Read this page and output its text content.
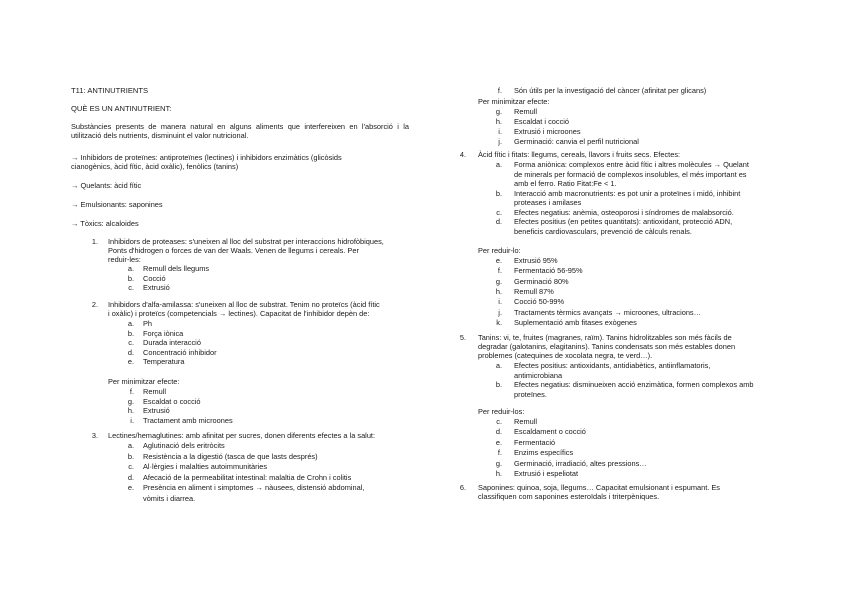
T11: ANTINUTRIENTS
QUÈ ES UN ANTINUTRIENT:
Substàncies presents de manera natural en alguns aliments que interfereixen en l'absorció i la utilització dels nutrients, disminuint el valor nutricional.
→ Inhibidors de proteïnes: antiproteïnes (lectines) i inhibidors enzimàtics (glicòsids
cianogènics, àcid fític, àcid oxàlic), fenòlics (tanins)
→ Quelants: àcid fític
→ Emulsionants: saponines
→ Tòxics: alcaloides
1. Inhibidors de proteases: s'uneixen al lloc del substrat per interaccions hidrofòbiques,
Ponts d'hidrogen o forces de van der Waals. Venen de llegums i cereals. Per
reduir-les:
a. Remull dels llegums
b. Cocció
c. Extrusió
2. Inhibidors d'alfa-amilassa: s'uneixen al lloc de substrat. Tenim no proteïcs (àcid fític
i oxàlic) i proteïcs (competencials → lectines). Capacitat de l'inhibidor depèn de:
a. Ph
b. Força iònica
c. Durada interacció
d. Concentració inhibidor
e. Temperatura
Per minimitzar efecte:
f. Remull
g. Escaldat o cocció
h. Extrusió
i. Tractament amb microones
3. Lectines/hemaglutines: amb afinitat per sucres, donen diferents efectes a la salut:
a. Aglutinació dels eritròcits
b. Resistència a la digestió (tasca de que lasts després)
c. Al·lèrgies i malalties autoimmunitàries
d. Afecació de la permeabilitat intestinal: malaltia de Crohn i colitis
e. Presència en aliment i simptomes → nàusees, distensió abdominal,
vòmits i diarrea.
f. Són útils per la investigació del càncer (afinitat per glicans)
Per minimitzar efecte:
g. Remull
h. Escaldat i cocció
i. Extrusió i microones
j. Germinació: canvia el perfil nutricional
4. Àcid fític i fitats: llegums, cereals, llavors i fruits secs. Efectes:
a. Forma aniònica: complexos entre àcid fític i altres molècules → Quelant
de minerals per formació de complexos insolubles, el més important es
amb el ferro. Ratio Fitat:Fe < 1.
b. Interacció amb macronutrients: es pot unir a proteïnes i midó, inhibint
proteases i amilases
c. Efectes negatius: anèmia, osteoporosi i síndromes de malabsorció.
d. Efectes positius (en petites quantitats): antioxidant, protecció ADN,
beneficis cardiovasculars, prevenció de càlculs renals.
Per reduir-lo:
e. Extrusió 95%
f. Fermentació 56-95%
g. Germinació 80%
h. Remull 87%
i. Cocció 50-99%
j. Tractaments tèrmics avançats → microones, ultracions…
k. Suplementació amb fitases exògenes
5. Tanins: vi, te, fruites (magranes, raïm). Tanins hidrolitzables son més fàcils de
degradar (galotanins, elagitanins). Tanins condensats son més estables donen
problemes (catequines de xocolata negra, te verd…).
a. Efectes positius: antioxidants, antidiabètics, antiinflamatoris,
antimicrobiana
b. Efectes negatius: disminueixen acció enzimàtica, formen complexos amb
proteïnes.
Per reduir-los:
c. Remull
d. Escaldament o cocció
e. Fermentació
f. Enzims específics
g. Germinació, irradiació, altes pressions…
h. Extrusió i espeliotat
6. Saponines: quinoa, soja, llegums… Capacitat emulsionant i espumant. Es
classifiquen com saponines esteroïdals i triterpèniques.
